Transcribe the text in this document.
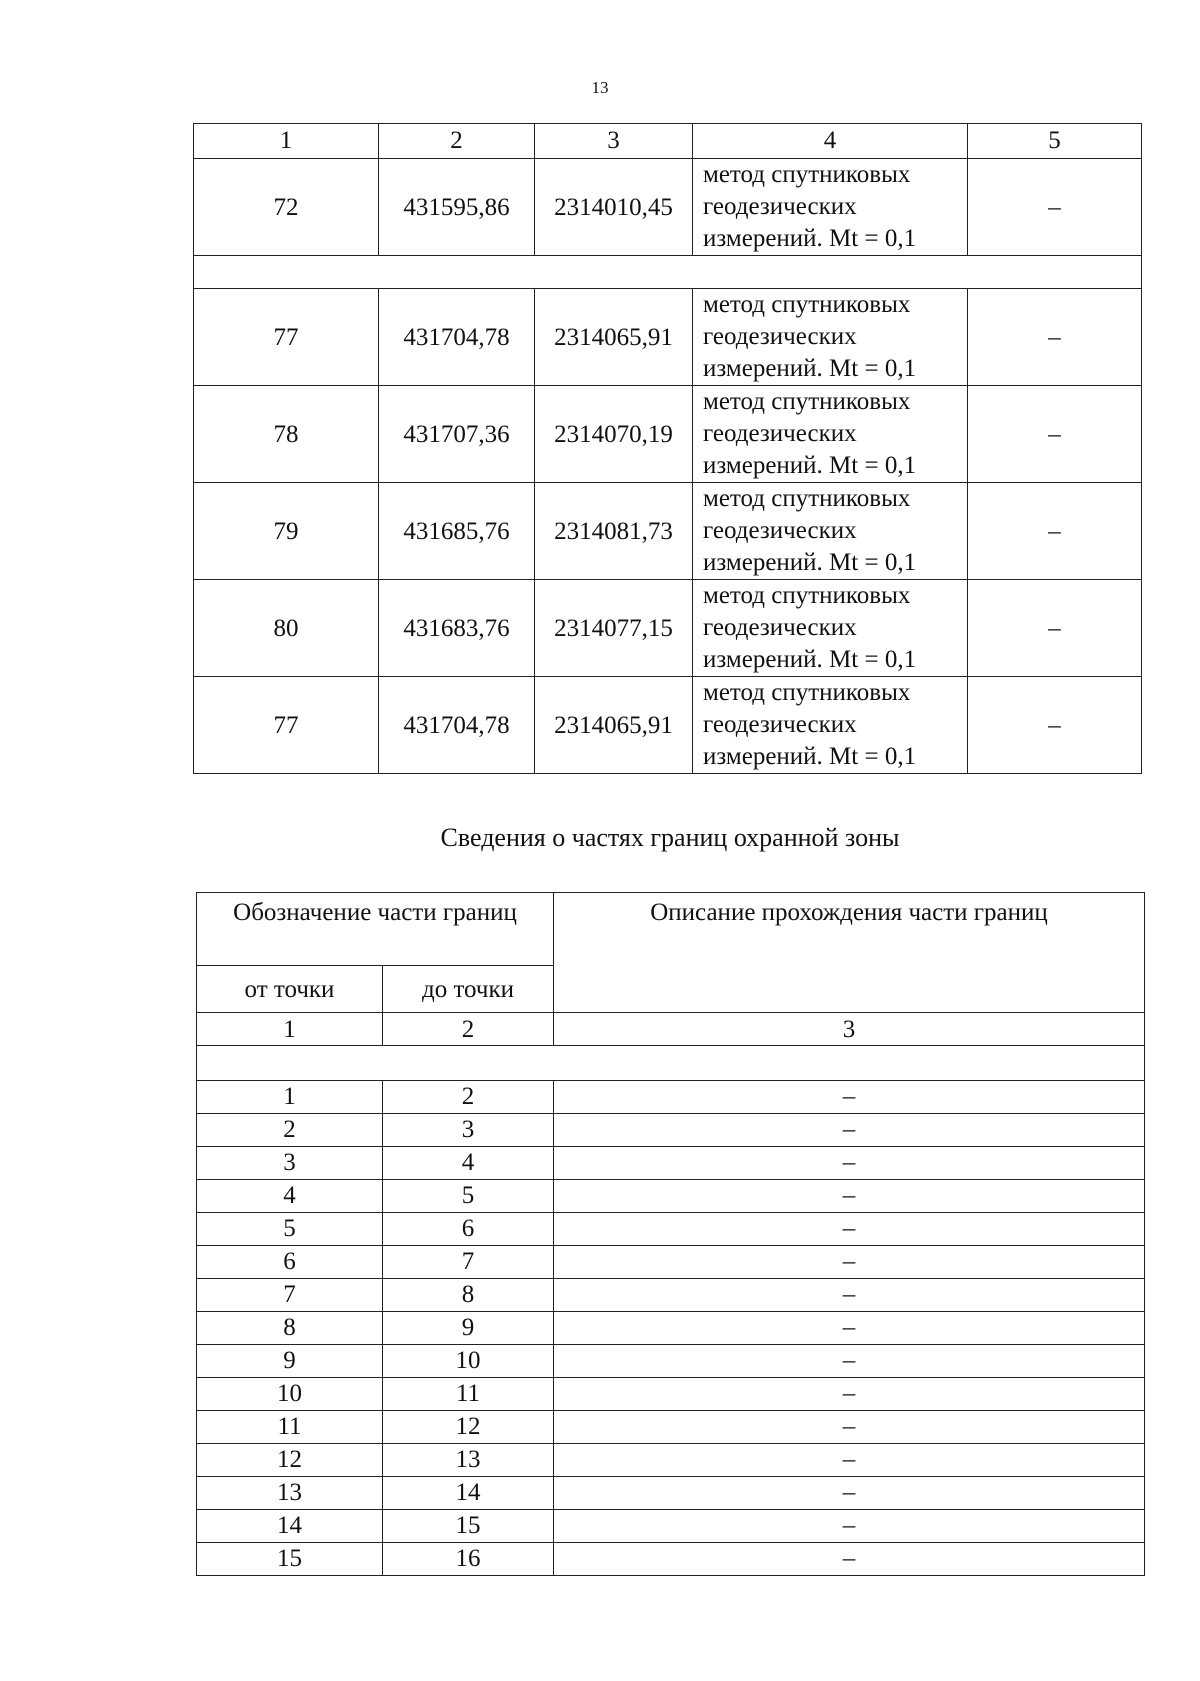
13
1	2	3	4	5
72	431595,86	2314010,45	метод спутниковых
геодезических
измерений. Mt = 0,1	–

77	431704,78	2314065,91	метод спутниковых
геодезических
измерений. Mt = 0,1	–
78	431707,36	2314070,19	метод спутниковых
геодезических
измерений. Mt = 0,1	–
79	431685,76	2314081,73	метод спутниковых
геодезических
измерений. Mt = 0,1	–
80	431683,76	2314077,15	метод спутниковых
геодезических
измерений. Mt = 0,1	–
77	431704,78	2314065,91	метод спутниковых
геодезических
измерений. Mt = 0,1	–
Сведения о частях границ охранной зоны
Обозначение части границ		Описание прохождения части границ
от точки	до точки	
1	2	3

1	2	–
2	3	–
3	4	–
4	5	–
5	6	–
6	7	–
7	8	–
8	9	–
9	10	–
10	11	–
11	12	–
12	13	–
13	14	–
14	15	–
15	16	–
